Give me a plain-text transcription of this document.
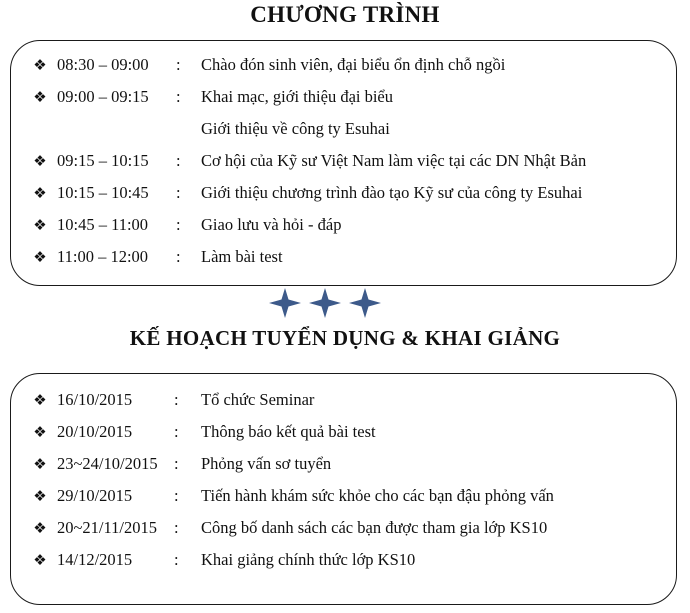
CHƯƠNG TRÌNH
❖ 08:30 – 09:00 : Chào đón sinh viên, đại biểu ổn định chỗ ngồi
❖ 09:00 – 09:15 : Khai mạc, giới thiệu đại biểu
Giới thiệu về công ty Esuhai
❖ 09:15 – 10:15 : Cơ hội của Kỹ sư Việt Nam làm việc tại các DN Nhật Bản
❖ 10:15 – 10:45 : Giới thiệu chương trình đào tạo Kỹ sư của công ty Esuhai
❖ 10:45 – 11:00 : Giao lưu và hỏi - đáp
❖ 11:00 – 12:00 : Làm bài test
KẾ HOẠCH TUYỂN DỤNG & KHAI GIẢNG
❖ 16/10/2015	: Tổ chức Seminar
❖ 20/10/2015	: Thông báo kết quả bài test
❖ 23~24/10/2015 : Phỏng vấn sơ tuyển
❖ 29/10/2015	: Tiến hành khám sức khỏe cho các bạn đậu phỏng vấn
❖ 20~21/11/2015 : Công bố danh sách các bạn được tham gia lớp KS10
❖ 14/12/2015	: Khai giảng chính thức lớp KS10
